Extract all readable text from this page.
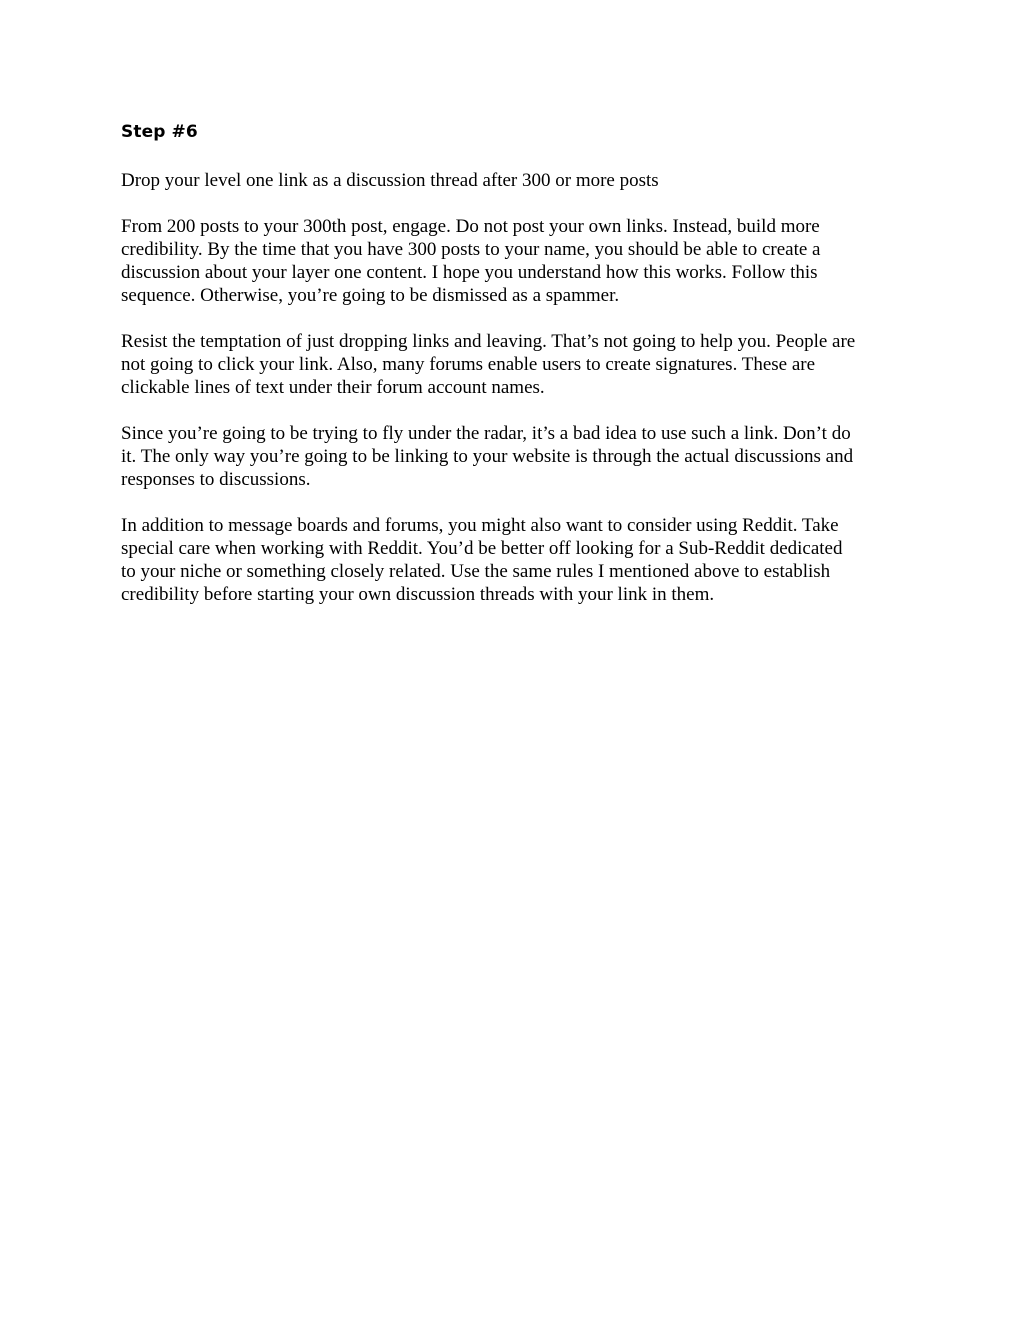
Step #6

Drop your level one link as a discussion thread after 300 or more posts

From 200 posts to your 300th post, engage. Do not post your own links. Instead, build more
credibility. By the time that you have 300 posts to your name, you should be able to create a
discussion about your layer one content. I hope you understand how this works. Follow this
sequence. Otherwise, you’re going to be dismissed as a spammer.

Resist the temptation of just dropping links and leaving. That’s not going to help you. People are
not going to click your link. Also, many forums enable users to create signatures. These are
clickable lines of text under their forum account names.

Since you’re going to be trying to fly under the radar, it’s a bad idea to use such a link. Don’t do
it. The only way you’re going to be linking to your website is through the actual discussions and
responses to discussions.

In addition to message boards and forums, you might also want to consider using Reddit. Take
special care when working with Reddit. You’d be better off looking for a Sub-Reddit dedicated
to your niche or something closely related. Use the same rules I mentioned above to establish
credibility before starting your own discussion threads with your link in them.
